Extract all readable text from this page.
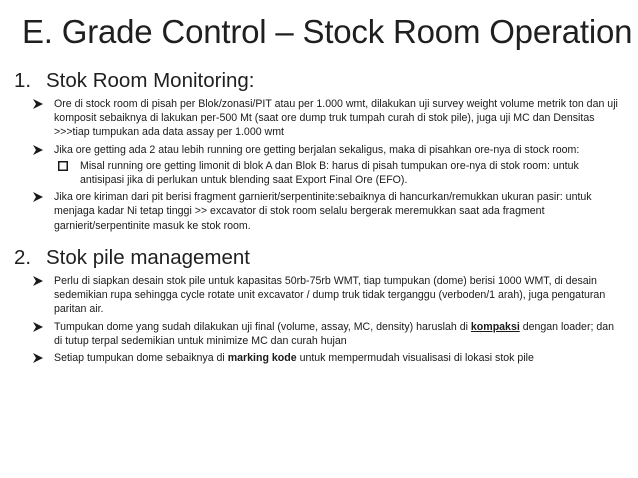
E. Grade Control – Stock Room Operation
1. Stok Room Monitoring:
Ore di stock room di pisah per Blok/zonasi/PIT atau per 1.000 wmt, dilakukan uji survey weight volume metrik ton dan uji komposit sebaiknya di lakukan per-500 Mt (saat ore dump truk tumpah curah di stok pile), juga uji MC dan Densitas >>>tiap tumpukan ada data assay per 1.000 wmt
Jika ore getting ada 2 atau lebih running ore getting berjalan sekaligus, maka di pisahkan ore-nya di stock room:
Misal running ore getting limonit di blok A dan Blok B: harus di pisah tumpukan ore-nya di stok room: untuk antisipasi jika di perlukan untuk blending saat Export Final Ore (EFO).
Jika ore kiriman dari pit berisi fragment garnierit/serpentinite:sebaiknya di hancurkan/remukkan ukuran pasir: untuk menjaga kadar Ni tetap tinggi >> excavator di stok room selalu bergerak meremukkan saat ada fragment garnierit/serpentinite masuk ke stok room.
2. Stok pile management
Perlu di siapkan desain stok pile untuk kapasitas 50rb-75rb WMT, tiap tumpukan (dome) berisi 1000 WMT, di desain sedemikian rupa sehingga cycle rotate unit excavator / dump truk tidak terganggu (verboden/1 arah), juga pengaturan paritan air.
Tumpukan dome yang sudah dilakukan uji final (volume, assay, MC, density) haruslah di kompaksi dengan loader; dan di tutup terpal sedemikian untuk minimize MC dan curah hujan
Setiap tumpukan dome sebaiknya di marking kode untuk mempermudah visualisasi di lokasi stok pile
